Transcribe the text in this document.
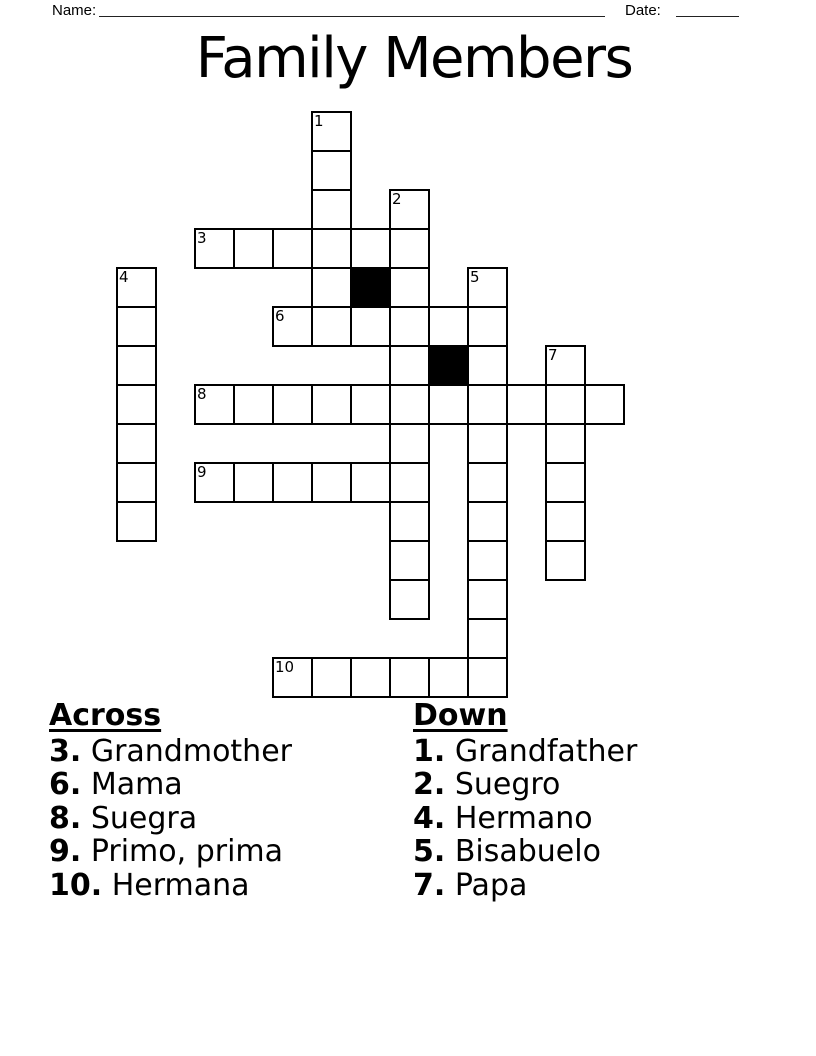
Name:	Date:
Family Members
1
2
3
4	5
6
7
8
9
10
Across
3. Grandmother
6. Mama
8. Suegra
9. Primo, prima
10. Hermana
Down
1. Grandfather
2. Suegro
4. Hermano
5. Bisabuelo
7. Papa
